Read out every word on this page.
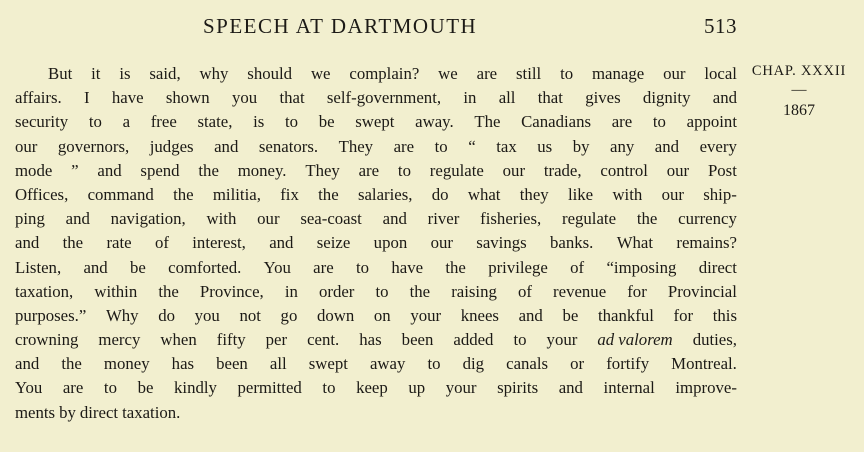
SPEECH AT DARTMOUTH	513
But it is said, why should we complain? we are still to manage our local
affairs. I have shown you that self-government, in all that gives dignity and
security to a free state, is to be swept away. The Canadians are to appoint
our governors, judges and senators. They are to “ tax us by any and every
mode ” and spend the money. They are to regulate our trade, control our Post
Offices, command the militia, fix the salaries, do what they like with our ship-
ping and navigation, with our sea-coast and river fisheries, regulate the currency
and the rate of interest, and seize upon our savings banks. What remains?
Listen, and be comforted. You are to have the privilege of “imposing direct
taxation, within the Province, in order to the raising of revenue for Provincial
purposes.” Why do you not go down on your knees and be thankful for this
crowning mercy when fifty per cent. has been added to your ad valorem duties,
and the money has been all swept away to dig canals or fortify Montreal.
You are to be kindly permitted to keep up your spirits and internal improve-
ments by direct taxation.
CHAP. XXXII
—
1867
